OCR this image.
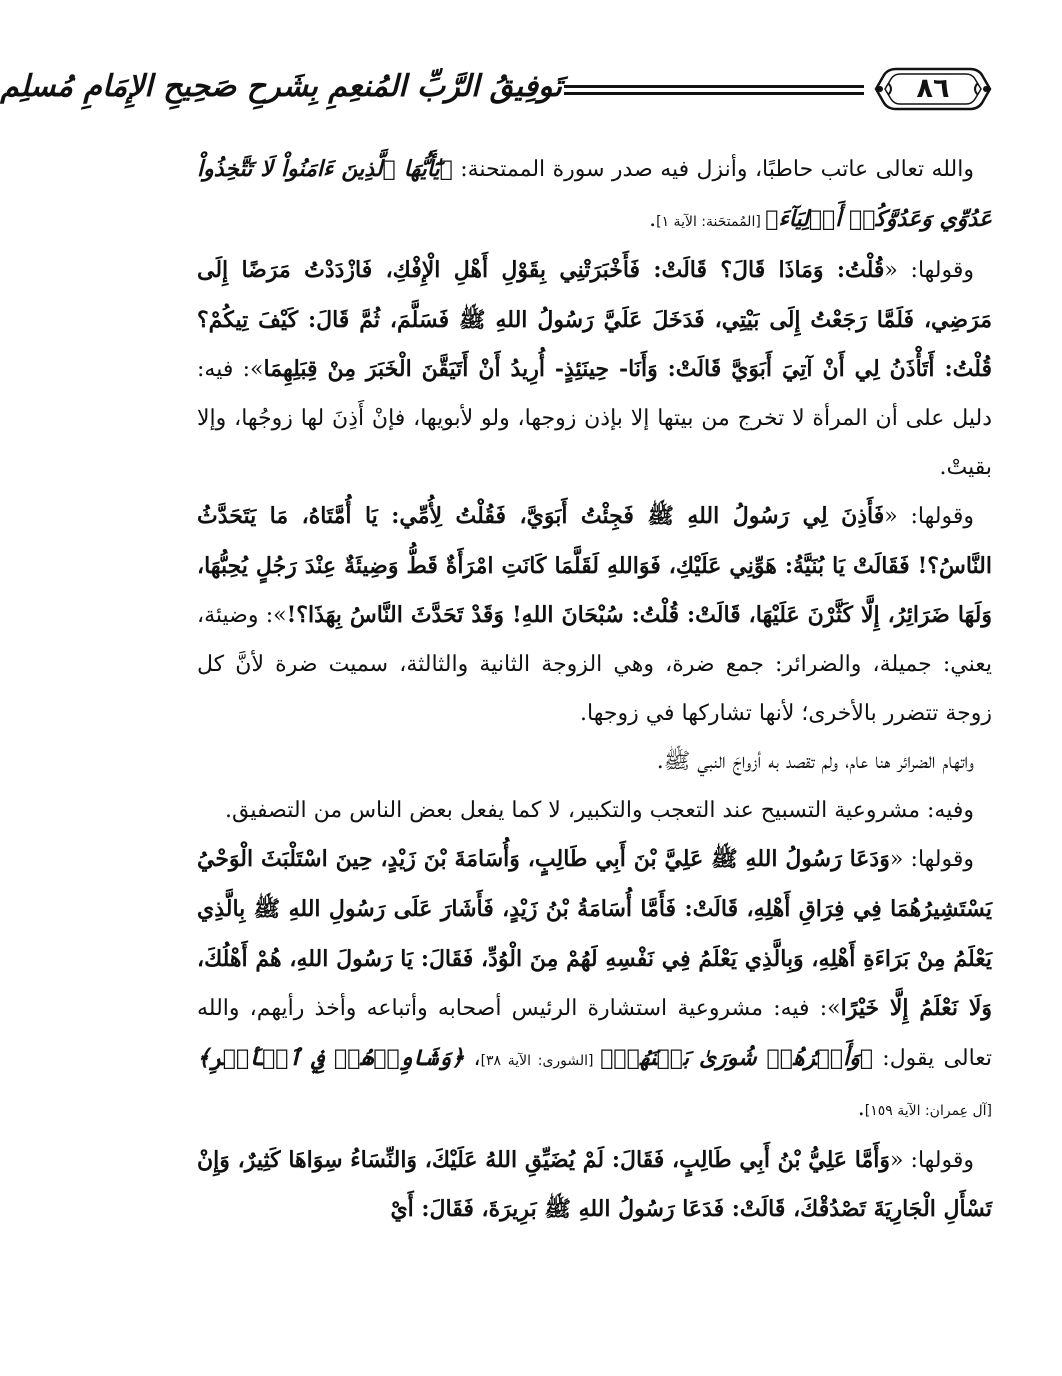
٨٦
تَوفِيقُ الرَّبِّ المُنعِمِ بِشَرحِ صَحِيحِ الإِمَامِ مُسلِم

والله تعالى عاتب حاطبًا، وأنزل فيه صدر سورة الممتحنة: ﴿يَٰٓأَيُّهَا ٱلَّذِينَ ءَامَنُواْ لَا تَتَّخِذُواْ عَدُوِّي وَعَدُوَّكُمۡ أَوۡلِيَآءَ﴾ [المُمتحَنة: الآية ١].

وقولها: «قُلْتُ: وَمَاذَا قَالَ؟ قَالَتْ: فَأَخْبَرَتْنِي بِقَوْلِ أَهْلِ الْإِفْكِ، فَازْدَدْتُ مَرَضًا إِلَى مَرَضِي، فَلَمَّا رَجَعْتُ إِلَى بَيْتِي، فَدَخَلَ عَلَيَّ رَسُولُ اللهِ ﷺ فَسَلَّمَ، ثُمَّ قَالَ: كَيْفَ تِيكُمْ؟ قُلْتُ: أَتَأْذَنُ لِي أَنْ آتِيَ أَبَوَيَّ قَالَتْ: وَأَنَا- حِينَئِذٍ- أُرِيدُ أَنْ أَتَيَقَّنَ الْخَبَرَ مِنْ قِبَلِهِمَا»: فيه: دليل على أن المرأة لا تخرج من بيتها إلا بإذن زوجها، ولو لأبويها، فإنْ أَذِنَ لها زوجُها، وإلا بقيتْ.

وقولها: «فَأَذِنَ لِي رَسُولُ اللهِ ﷺ فَجِئْتُ أَبَوَيَّ، فَقُلْتُ لِأُمِّي: يَا أُمَّتَاهُ، مَا يَتَحَدَّثُ النَّاسُ؟! فَقَالَتْ يَا بُنَيَّةُ: هَوِّنِي عَلَيْكِ، فَوَاللهِ لَقَلَّمَا كَانَتِ امْرَأَةٌ قَطُّ وَضِيئَةٌ عِنْدَ رَجُلٍ يُحِبُّهَا، وَلَهَا ضَرَائِرُ، إِلَّا كَثَّرْنَ عَلَيْهَا، قَالَتْ: قُلْتُ: سُبْحَانَ اللهِ! وَقَدْ تَحَدَّثَ النَّاسُ بِهَذَا؟!»: وضيئة، يعني: جميلة، والضرائر: جمع ضرة، وهي الزوجة الثانية والثالثة، سميت ضرة لأنَّ كل زوجة تتضرر بالأخرى؛ لأنها تشاركها في زوجها.

واتهام الضرائر هنا عام، ولم تقصد به أزواجَ النبي ﷺ.

وفيه: مشروعية التسبيح عند التعجب والتكبير، لا كما يفعل بعض الناس من التصفيق.

وقولها: «وَدَعَا رَسُولُ اللهِ ﷺ عَلِيَّ بْنَ أَبِي طَالِبٍ، وَأُسَامَةَ بْنَ زَيْدٍ، حِينَ اسْتَلْبَثَ الْوَحْيُ يَسْتَشِيرُهُمَا فِي فِرَاقِ أَهْلِهِ، قَالَتْ: فَأَمَّا أُسَامَةُ بْنُ زَيْدٍ، فَأَشَارَ عَلَى رَسُولِ اللهِ ﷺ بِالَّذِي يَعْلَمُ مِنْ بَرَاءَةِ أَهْلِهِ، وَبِالَّذِي يَعْلَمُ فِي نَفْسِهِ لَهُمْ مِنَ الْوُدِّ، فَقَالَ: يَا رَسُولَ اللهِ، هُمْ أَهْلُكَ، وَلَا نَعْلَمُ إِلَّا خَيْرًا»: فيه: مشروعية استشارة الرئيس أصحابه وأتباعه وأخذ رأيهم، والله تعالى يقول: ﴿وَأَمۡرُهُمۡ شُورَىٰ بَيۡنَهُمۡ﴾ [الشورى: الآية ٣٨]، ﴿وَشَاوِرۡهُمۡ فِي ٱلۡأَمۡرِ﴾ [آل عِمران: الآية ١٥٩].

وقولها: «وَأَمَّا عَلِيُّ بْنُ أَبِي طَالِبٍ، فَقَالَ: لَمْ يُضَيِّقِ اللهُ عَلَيْكَ، وَالنِّسَاءُ سِوَاهَا كَثِيرٌ، وَإِنْ تَسْأَلِ الْجَارِيَةَ تَصْدُقْكَ، قَالَتْ: فَدَعَا رَسُولُ اللهِ ﷺ بَرِيرَةَ، فَقَالَ: أَيْ
